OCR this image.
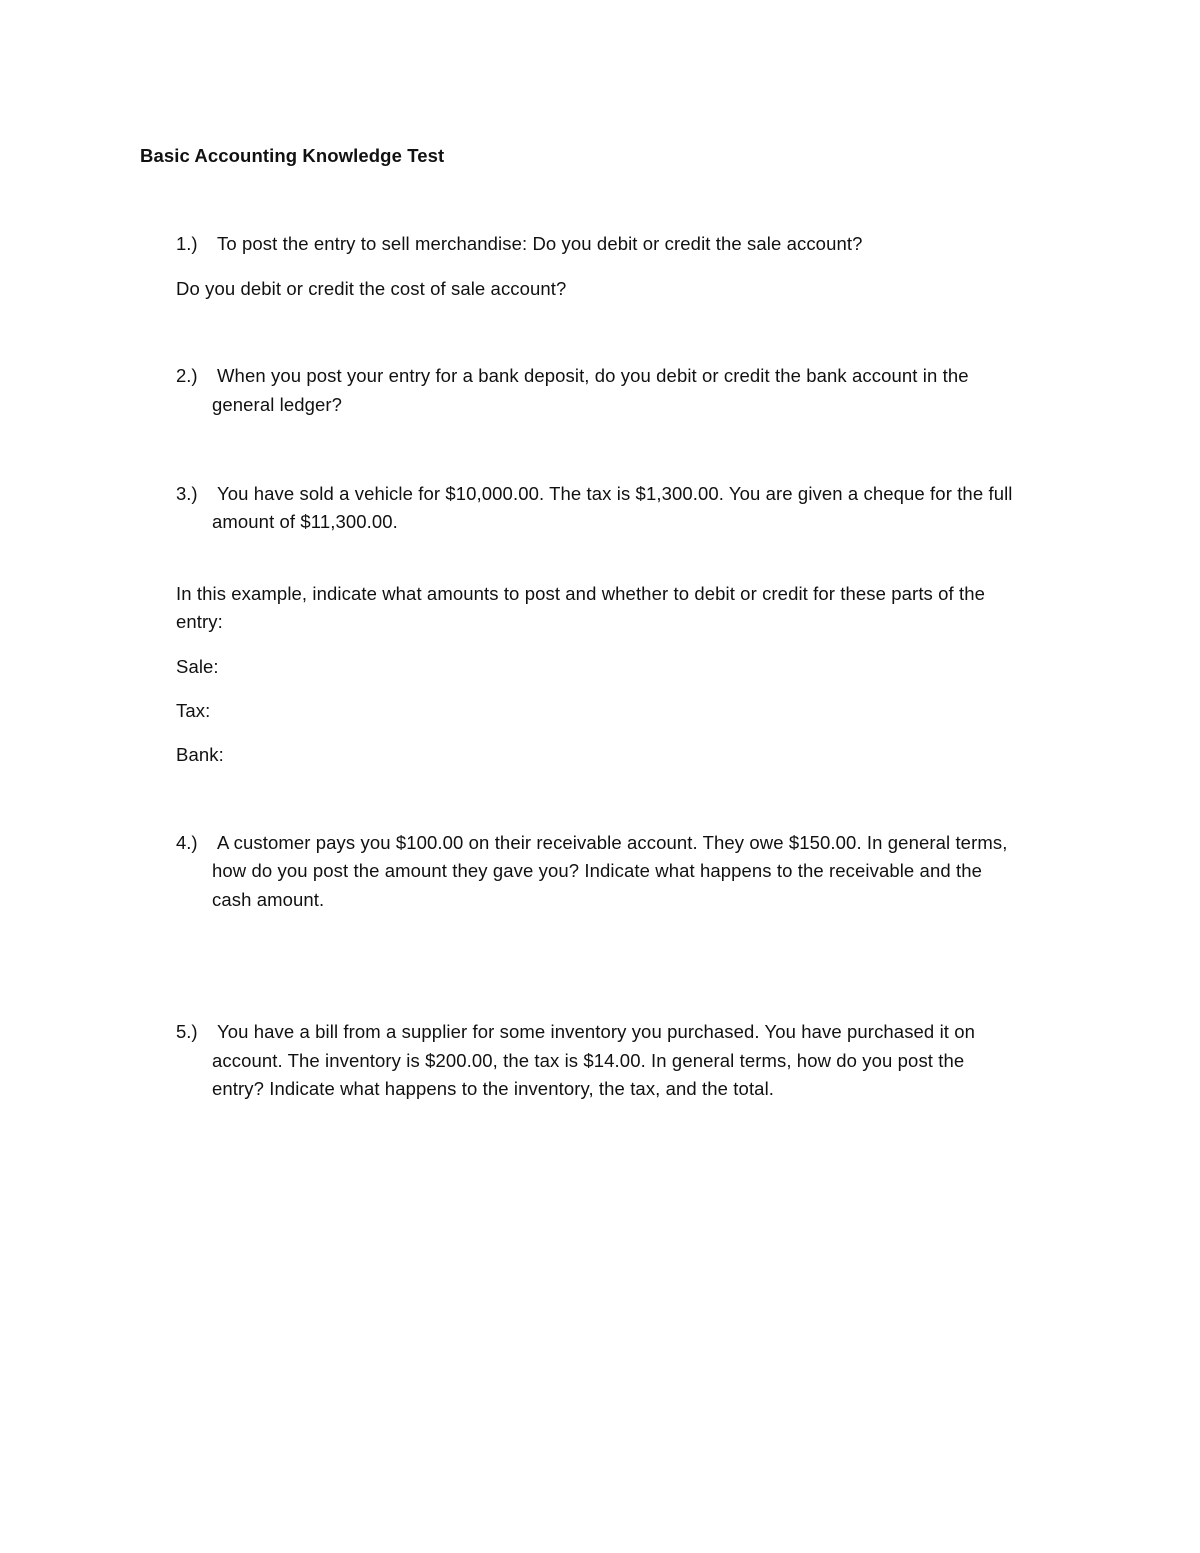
Basic Accounting Knowledge Test
1.) To post the entry to sell merchandise: Do you debit or credit the sale account?
Do you debit or credit the cost of sale account?
2.) When you post your entry for a bank deposit, do you debit or credit the bank account in the
general ledger?
3.) You have sold a vehicle for $10,000.00. The tax is $1,300.00. You are given a cheque for the full
amount of $11,300.00.
In this example, indicate what amounts to post and whether to debit or credit for these parts of the
entry:
Sale:
Tax:
Bank:
4.) A customer pays you $100.00 on their receivable account. They owe $150.00. In general terms,
how do you post the amount they gave you? Indicate what happens to the receivable and the
cash amount.
5.) You have a bill from a supplier for some inventory you purchased. You have purchased it on
account. The inventory is $200.00, the tax is $14.00. In general terms, how do you post the
entry? Indicate what happens to the inventory, the tax, and the total.
